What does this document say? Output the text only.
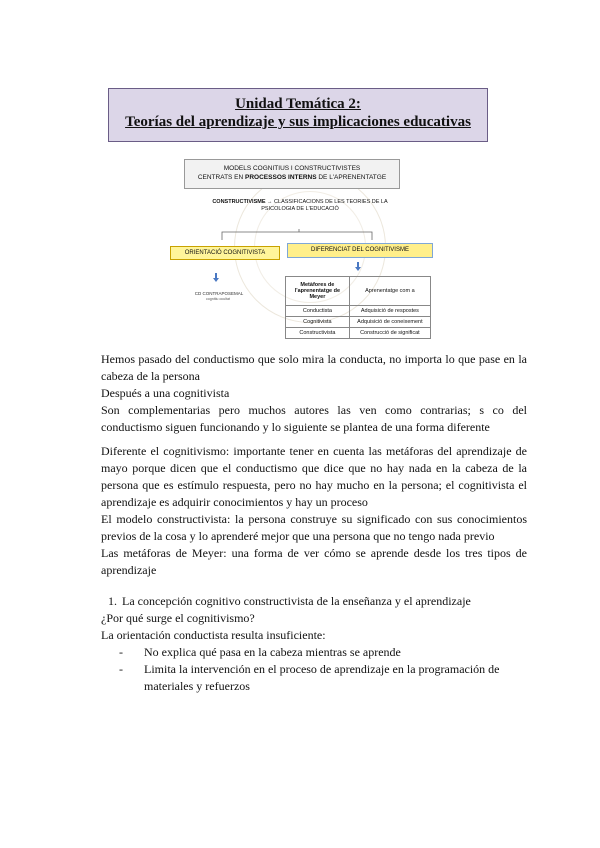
Unidad Temática 2:
Teorías del aprendizaje y sus implicaciones educativas
MODELS COGNITIUS I CONSTRUCTIVISTES
CENTRATS EN PROCESSOS INTERNS DE L'APRENENTATGE
CONSTRUCTIVISME → CLASSIFICACIONS DE LES TEORIES DE LA PSICOLOGIA DE L'EDUCACIÓ
ORIENTACIÓ COGNITIVISTA	DIFERENCIAT DEL COGNITIVISME
CD CONTRAPOSEMAL
cognitiu ocultat
Metàfores de l'aprenentatge de Meyer	Aprenentatge com a
Conductista	Adquisició de respostes
Cognitivista	Adquisició de coneixement
Constructivista	Construcció de significat

Hemos pasado del conductismo que solo mira la conducta, no importa lo que pase en la cabeza de la persona

Después a una cognitivista

Son complementarias pero muchos autores las ven como contrarias; s co del conductismo siguen funcionando y lo siguiente se plantea de una forma diferente

Diferente el cognitivismo: importante tener en cuenta las metáforas del aprendizaje de mayo porque dicen que el conductismo que dice que no hay nada en la cabeza de la persona que es estímulo respuesta, pero no hay mucho en la persona; el cognitivista el aprendizaje es adquirir conocimientos y hay un proceso

El modelo constructivista: la persona construye su significado con sus conocimientos previos de la cosa y lo aprenderé mejor que una persona que no tengo nada previo

Las metáforas de Meyer: una forma de ver cómo se aprende desde los tres tipos de aprendizaje

1. La concepción cognitivo constructivista de la enseñanza y el aprendizaje

¿Por qué surge el cognitivismo?

La orientación conductista resulta insuficiente:

- No explica qué pasa en la cabeza mientras se aprende

- Limita la intervención en el proceso de aprendizaje en la programación de materiales y refuerzos
